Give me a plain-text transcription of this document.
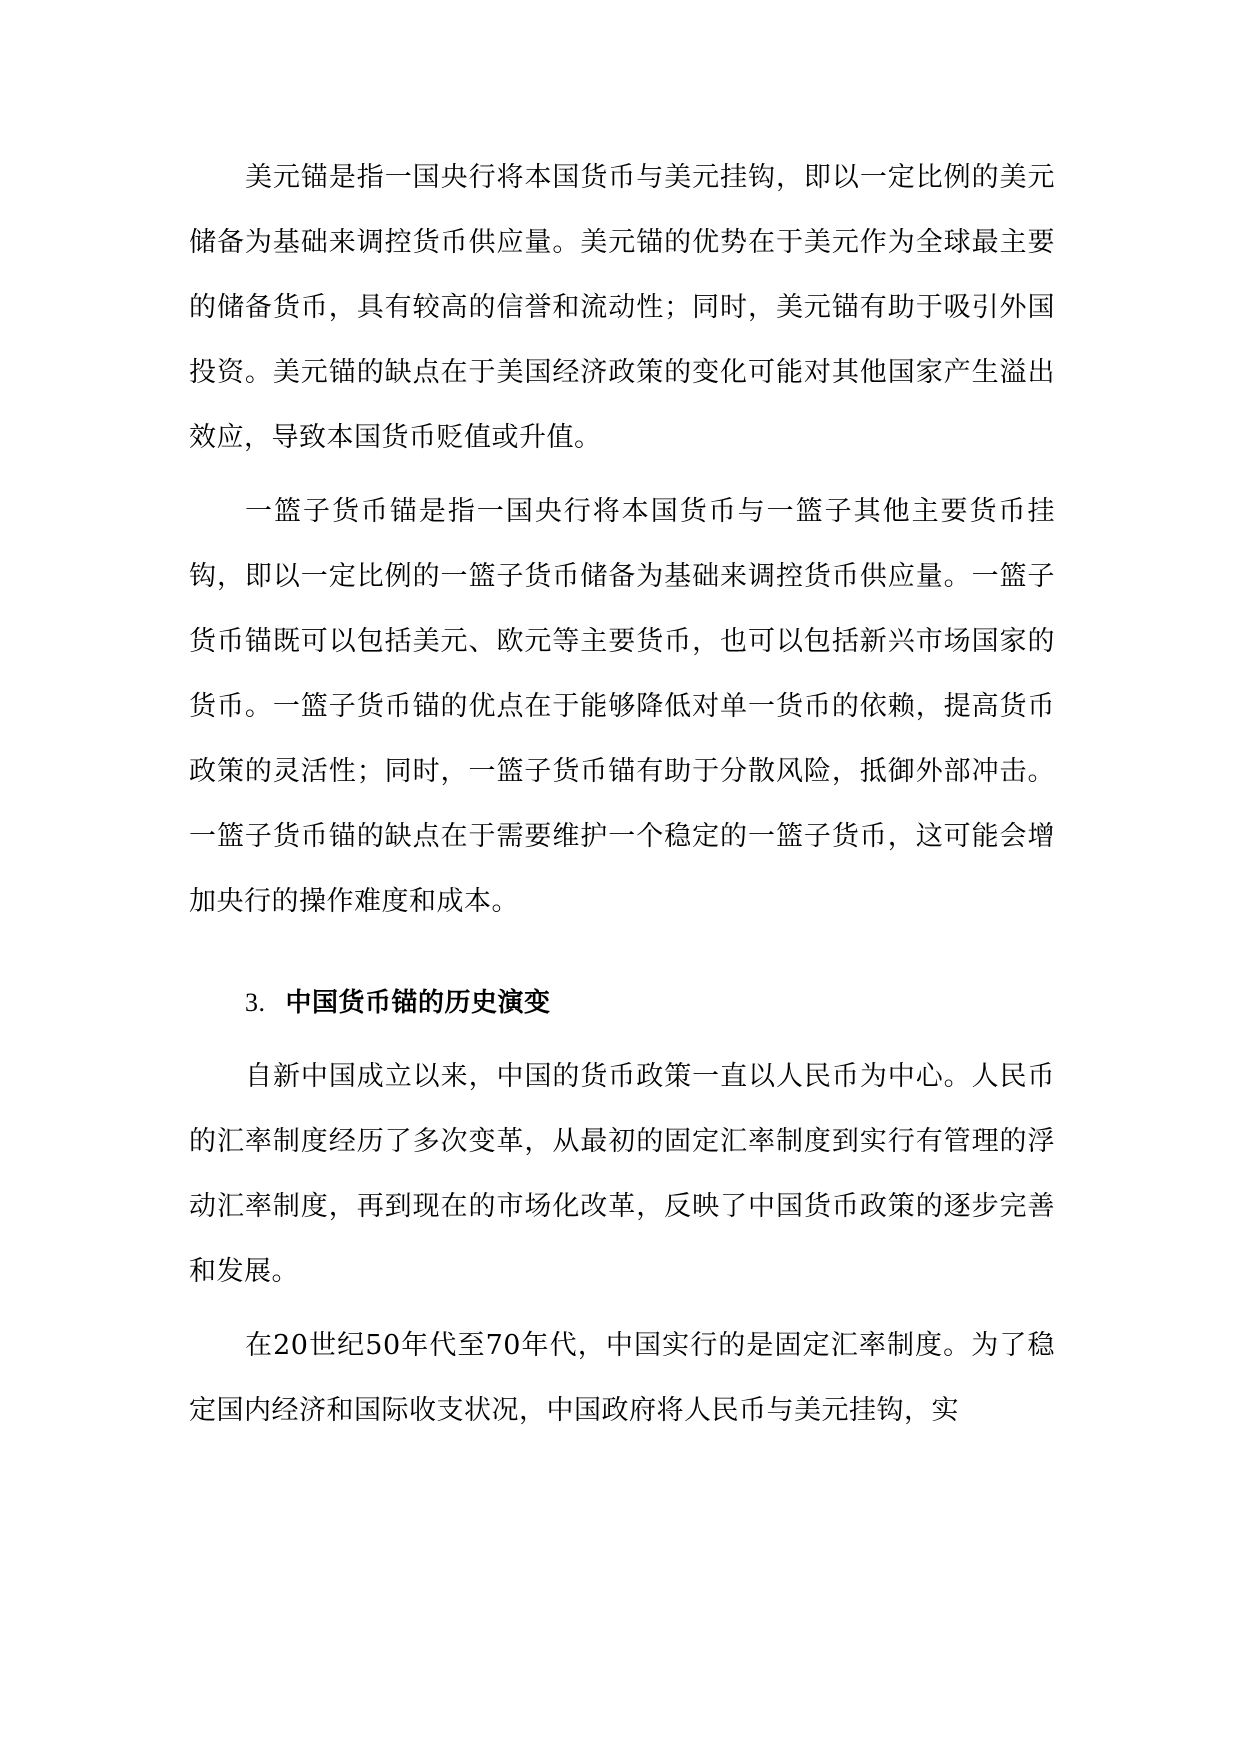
美元锚是指一国央行将本国货币与美元挂钩，即以一定比例的美元储备为基础来调控货币供应量。美元锚的优势在于美元作为全球最主要的储备货币，具有较高的信誉和流动性；同时，美元锚有助于吸引外国投资。美元锚的缺点在于美国经济政策的变化可能对其他国家产生溢出效应，导致本国货币贬值或升值。

一篮子货币锚是指一国央行将本国货币与一篮子其他主要货币挂钩，即以一定比例的一篮子货币储备为基础来调控货币供应量。一篮子货币锚既可以包括美元、欧元等主要货币，也可以包括新兴市场国家的货币。一篮子货币锚的优点在于能够降低对单一货币的依赖，提高货币政策的灵活性；同时，一篮子货币锚有助于分散风险，抵御外部冲击。一篮子货币锚的缺点在于需要维护一个稳定的一篮子货币，这可能会增加央行的操作难度和成本。

3. 中国货币锚的历史演变

自新中国成立以来，中国的货币政策一直以人民币为中心。人民币的汇率制度经历了多次变革，从最初的固定汇率制度到实行有管理的浮动汇率制度，再到现在的市场化改革，反映了中国货币政策的逐步完善和发展。

在20世纪50年代至70年代，中国实行的是固定汇率制度。为了稳定国内经济和国际收支状况，中国政府将人民币与美元挂钩，实
